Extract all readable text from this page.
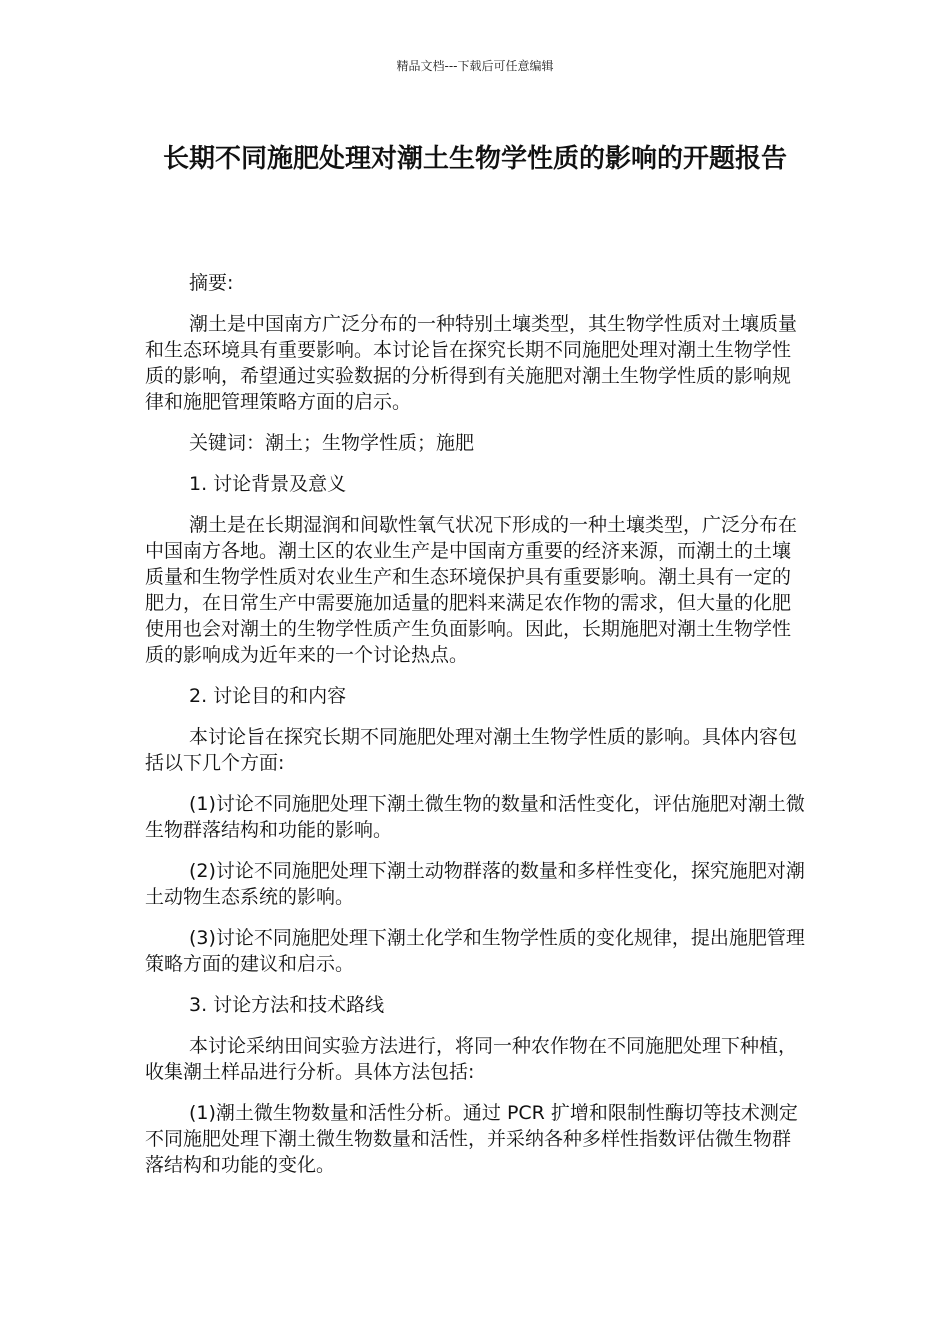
精品文档---下载后可任意编辑
长期不同施肥处理对潮土生物学性质的影响的开题报告

摘要:

潮土是中国南方广泛分布的一种特别土壤类型，其生物学性质对土壤质量和生态环境具有重要影响。本讨论旨在探究长期不同施肥处理对潮土生物学性质的影响，希望通过实验数据的分析得到有关施肥对潮土生物学性质的影响规律和施肥管理策略方面的启示。

关键词：潮土；生物学性质；施肥

1. 讨论背景及意义

潮土是在长期湿润和间歇性氧气状况下形成的一种土壤类型，广泛分布在中国南方各地。潮土区的农业生产是中国南方重要的经济来源，而潮土的土壤质量和生物学性质对农业生产和生态环境保护具有重要影响。潮土具有一定的肥力，在日常生产中需要施加适量的肥料来满足农作物的需求，但大量的化肥使用也会对潮土的生物学性质产生负面影响。因此，长期施肥对潮土生物学性质的影响成为近年来的一个讨论热点。

2. 讨论目的和内容

本讨论旨在探究长期不同施肥处理对潮土生物学性质的影响。具体内容包括以下几个方面:

(1)讨论不同施肥处理下潮土微生物的数量和活性变化，评估施肥对潮土微生物群落结构和功能的影响。

(2)讨论不同施肥处理下潮土动物群落的数量和多样性变化，探究施肥对潮土动物生态系统的影响。

(3)讨论不同施肥处理下潮土化学和生物学性质的变化规律，提出施肥管理策略方面的建议和启示。

3. 讨论方法和技术路线

本讨论采纳田间实验方法进行，将同一种农作物在不同施肥处理下种植，收集潮土样品进行分析。具体方法包括:

(1)潮土微生物数量和活性分析。通过 PCR 扩增和限制性酶切等技术测定不同施肥处理下潮土微生物数量和活性，并采纳各种多样性指数评估微生物群落结构和功能的变化。
